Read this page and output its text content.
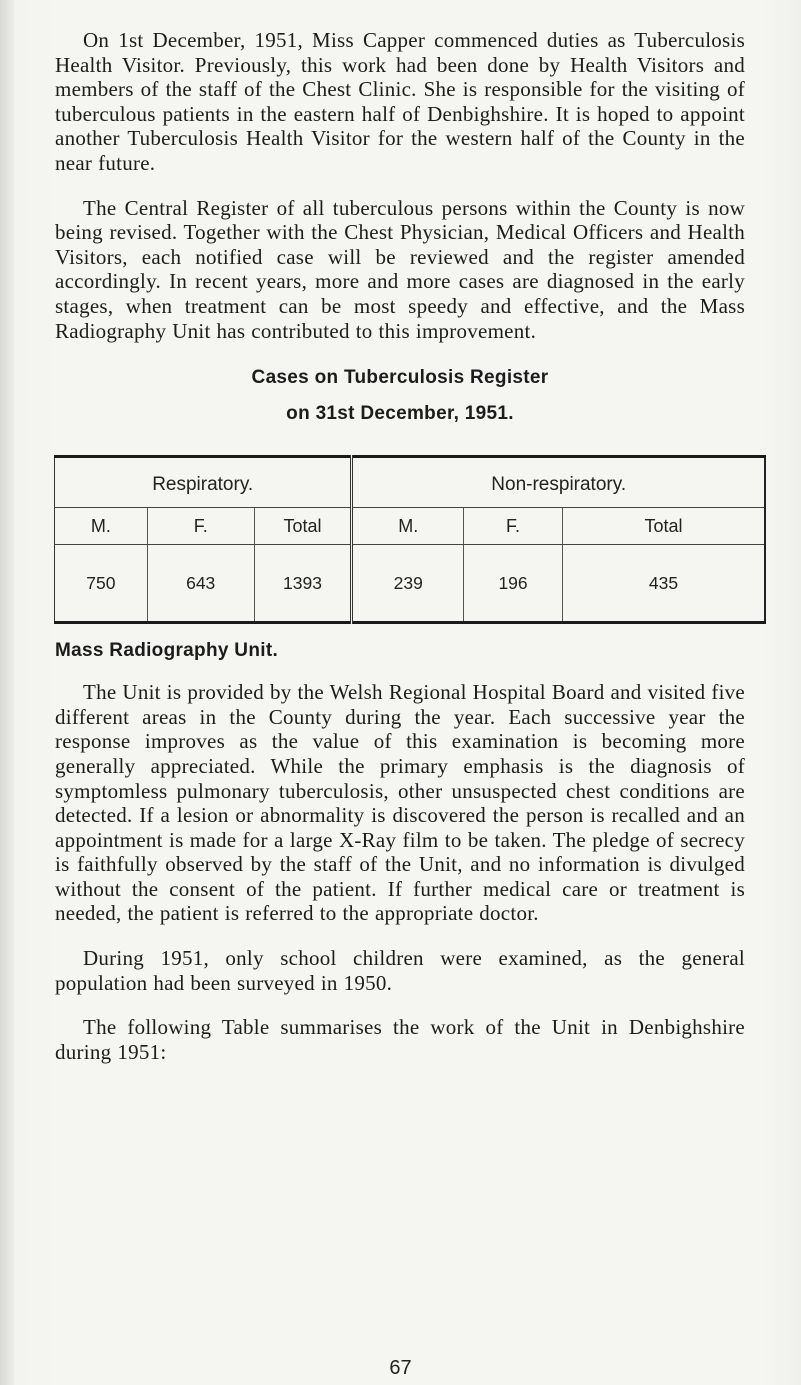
On 1st December, 1951, Miss Capper commenced duties as Tuberculosis Health Visitor. Previously, this work had been done by Health Visitors and members of the staff of the Chest Clinic. She is responsible for the visiting of tuberculous patients in the eastern half of Denbighshire. It is hoped to appoint another Tuberculosis Health Visitor for the western half of the County in the near future.

The Central Register of all tuberculous persons within the County is now being revised. Together with the Chest Physician, Medical Officers and Health Visitors, each notified case will be reviewed and the register amended accordingly. In recent years, more and more cases are diagnosed in the early stages, when treatment can be most speedy and effective, and the Mass Radiography Unit has contributed to this improvement.

Cases on Tuberculosis Register
on 31st December, 1951.
Respiratory.			Non-respiratory.		
M.	F.	Total	M.	F.	Total
750	643	1393	239	196	435
Mass Radiography Unit.

The Unit is provided by the Welsh Regional Hospital Board and visited five different areas in the County during the year. Each successive year the response improves as the value of this examination is becoming more generally appreciated. While the primary emphasis is the diagnosis of symptomless pulmonary tuberculosis, other unsuspected chest conditions are detected. If a lesion or abnormality is discovered the person is recalled and an appointment is made for a large X-Ray film to be taken. The pledge of secrecy is faithfully observed by the staff of the Unit, and no information is divulged without the consent of the patient. If further medical care or treatment is needed, the patient is referred to the appropriate doctor.

During 1951, only school children were examined, as the general population had been surveyed in 1950.

The following Table summarises the work of the Unit in Denbighshire during 1951:

67
